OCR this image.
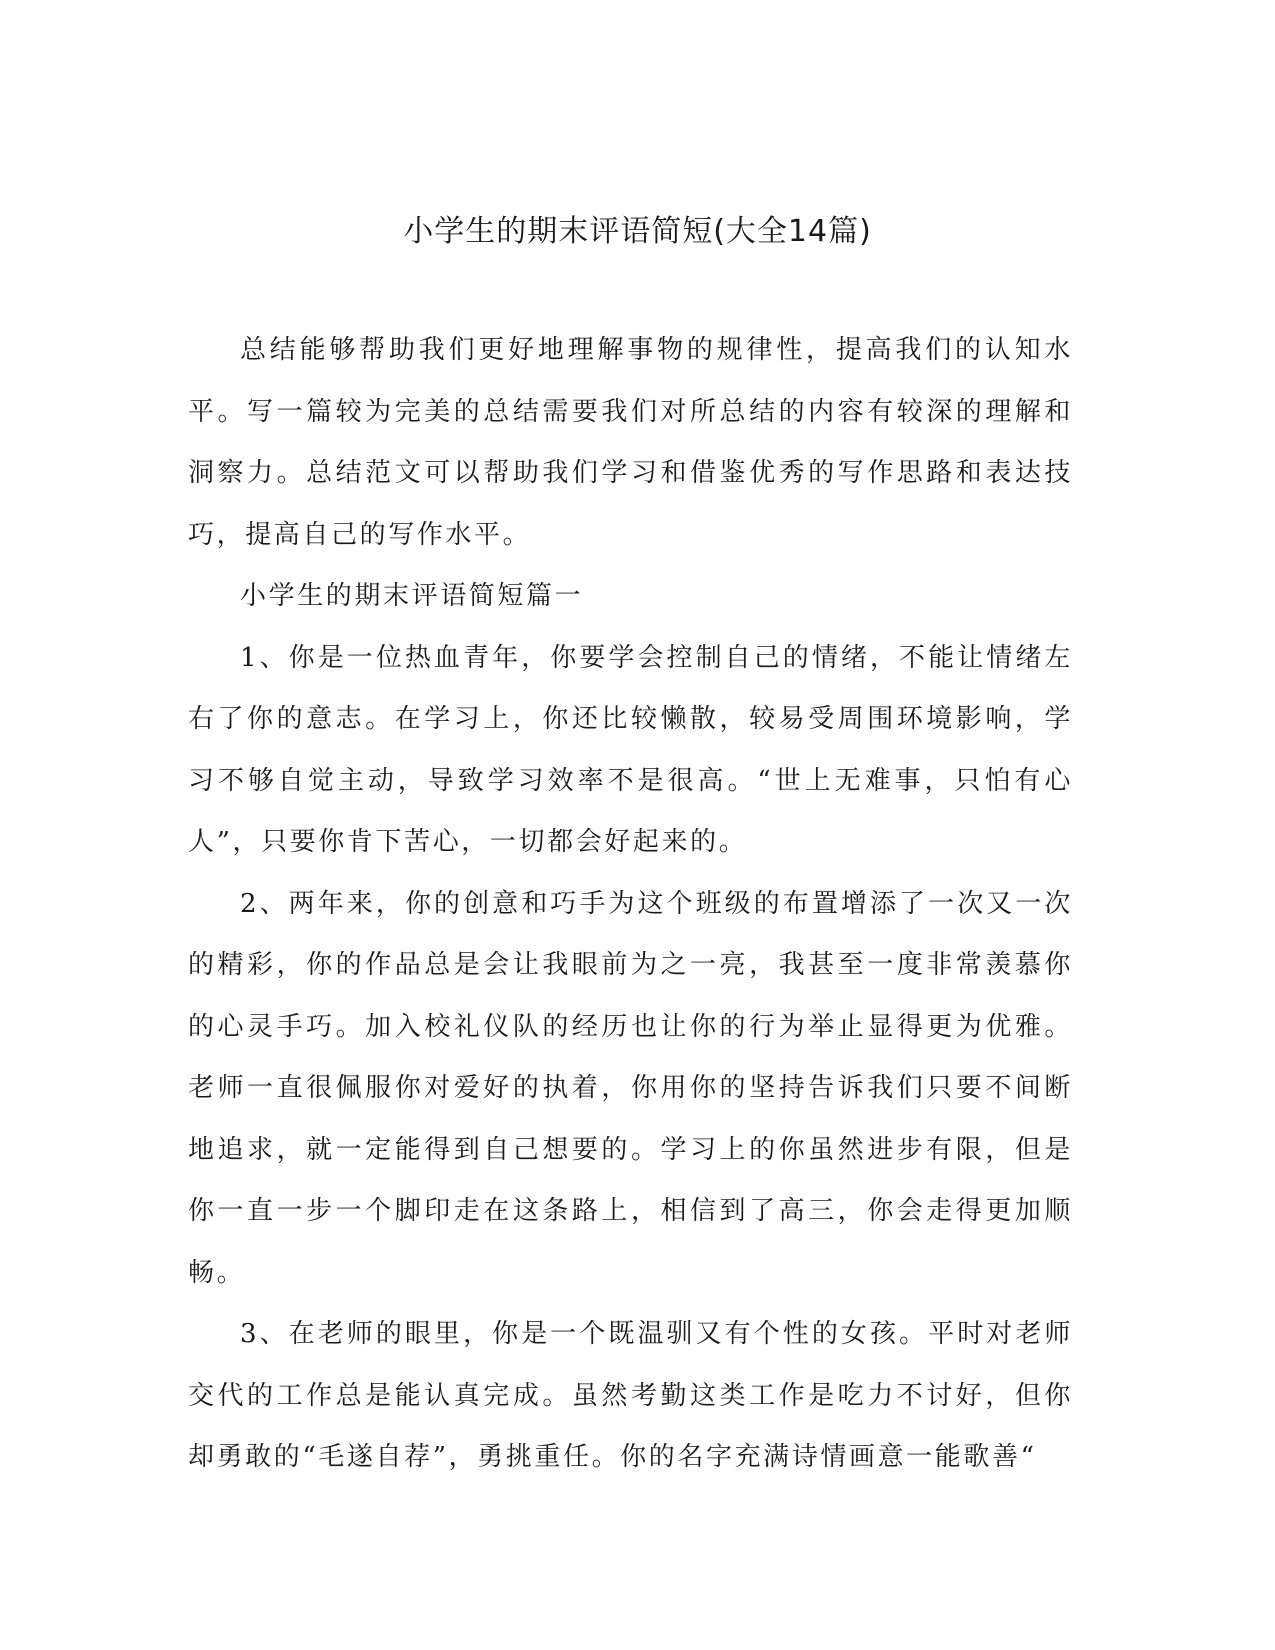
小学生的期末评语简短(大全14篇)

总结能够帮助我们更好地理解事物的规律性，提高我们的认知水平。写一篇较为完美的总结需要我们对所总结的内容有较深的理解和洞察力。总结范文可以帮助我们学习和借鉴优秀的写作思路和表达技巧，提高自己的写作水平。

小学生的期末评语简短篇一

1、你是一位热血青年，你要学会控制自己的情绪，不能让情绪左右了你的意志。在学习上，你还比较懒散，较易受周围环境影响，学习不够自觉主动，导致学习效率不是很高。“世上无难事，只怕有心人”，只要你肯下苦心，一切都会好起来的。

2、两年来，你的创意和巧手为这个班级的布置增添了一次又一次的精彩，你的作品总是会让我眼前为之一亮，我甚至一度非常羡慕你的心灵手巧。加入校礼仪队的经历也让你的行为举止显得更为优雅。老师一直很佩服你对爱好的执着，你用你的坚持告诉我们只要不间断地追求，就一定能得到自己想要的。学习上的你虽然进步有限，但是你一直一步一个脚印走在这条路上，相信到了高三，你会走得更加顺畅。

3、在老师的眼里，你是一个既温驯又有个性的女孩。平时对老师交代的工作总是能认真完成。虽然考勤这类工作是吃力不讨好，但你却勇敢的“毛遂自荐”，勇挑重任。你的名字充满诗情画意一能歌善“
